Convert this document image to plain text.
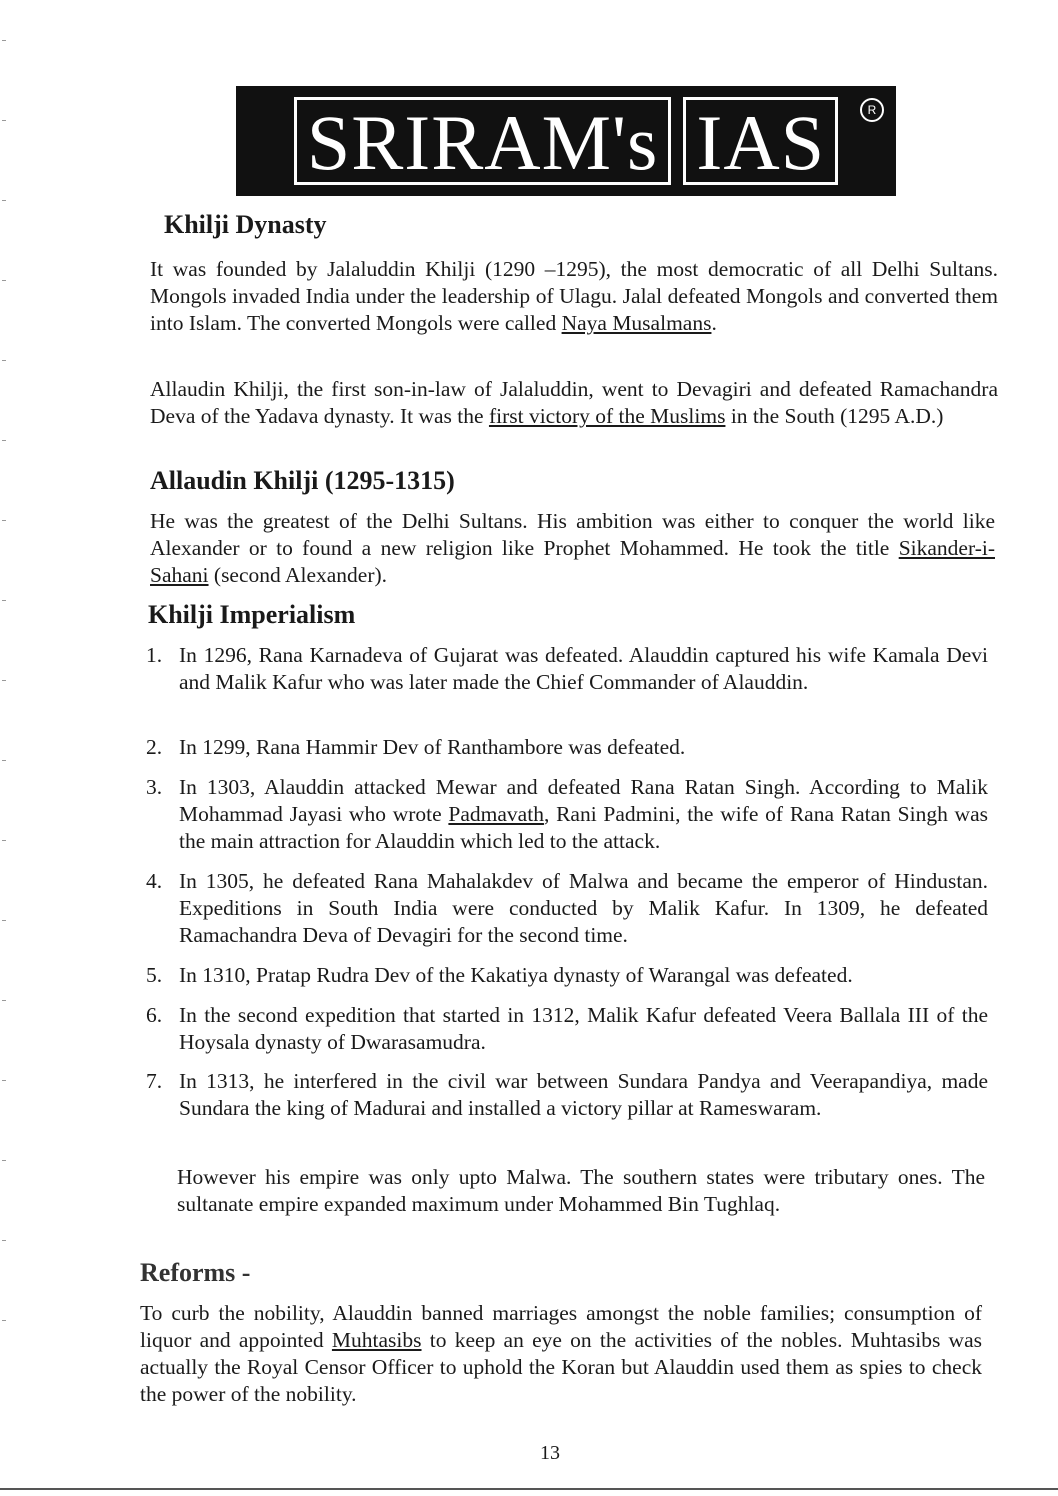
SRIRAM's IAS	R
Khilji Dynasty

It was founded by Jalaluddin Khilji (1290 –1295), the most democratic of all Delhi Sultans. Mongols invaded India under the leadership of Ulagu. Jalal defeated Mongols and converted them into Islam. The converted Mongols were called Naya Musalmans.

Allaudin Khilji, the first son-in-law of Jalaluddin, went to Devagiri and defeated Ramachandra Deva of the Yadava dynasty. It was the first victory of the Muslims in the South (1295 A.D.)

Allaudin Khilji (1295-1315)

He was the greatest of the Delhi Sultans. His ambition was either to conquer the world like Alexander or to found a new religion like Prophet Mohammed. He took the title Sikander-i-Sahani (second Alexander).

Khilji Imperialism
1. In 1296, Rana Karnadeva of Gujarat was defeated. Alauddin captured his wife Kamala Devi and Malik Kafur who was later made the Chief Commander of Alauddin.
2. In 1299, Rana Hammir Dev of Ranthambore was defeated.
3. In 1303, Alauddin attacked Mewar and defeated Rana Ratan Singh. According to Malik Mohammad Jayasi who wrote Padmavath, Rani Padmini, the wife of Rana Ratan Singh was the main attraction for Alauddin which led to the attack.
4. In 1305, he defeated Rana Mahalakdev of Malwa and became the emperor of Hindustan. Expeditions in South India were conducted by Malik Kafur. In 1309, he defeated Ramachandra Deva of Devagiri for the second time.
5. In 1310, Pratap Rudra Dev of the Kakatiya dynasty of Warangal was defeated.
6. In the second expedition that started in 1312, Malik Kafur defeated Veera Ballala III of the Hoysala dynasty of Dwarasamudra.
7. In 1313, he interfered in the civil war between Sundara Pandya and Veerapandiya, made Sundara the king of Madurai and installed a victory pillar at Rameswaram.

However his empire was only upto Malwa. The southern states were tributary ones. The sultanate empire expanded maximum under Mohammed Bin Tughlaq.

Reforms -

To curb the nobility, Alauddin banned marriages amongst the noble families; consumption of liquor and appointed Muhtasibs to keep an eye on the activities of the nobles. Muhtasibs was actually the Royal Censor Officer to uphold the Koran but Alauddin used them as spies to check the power of the nobility.

13
